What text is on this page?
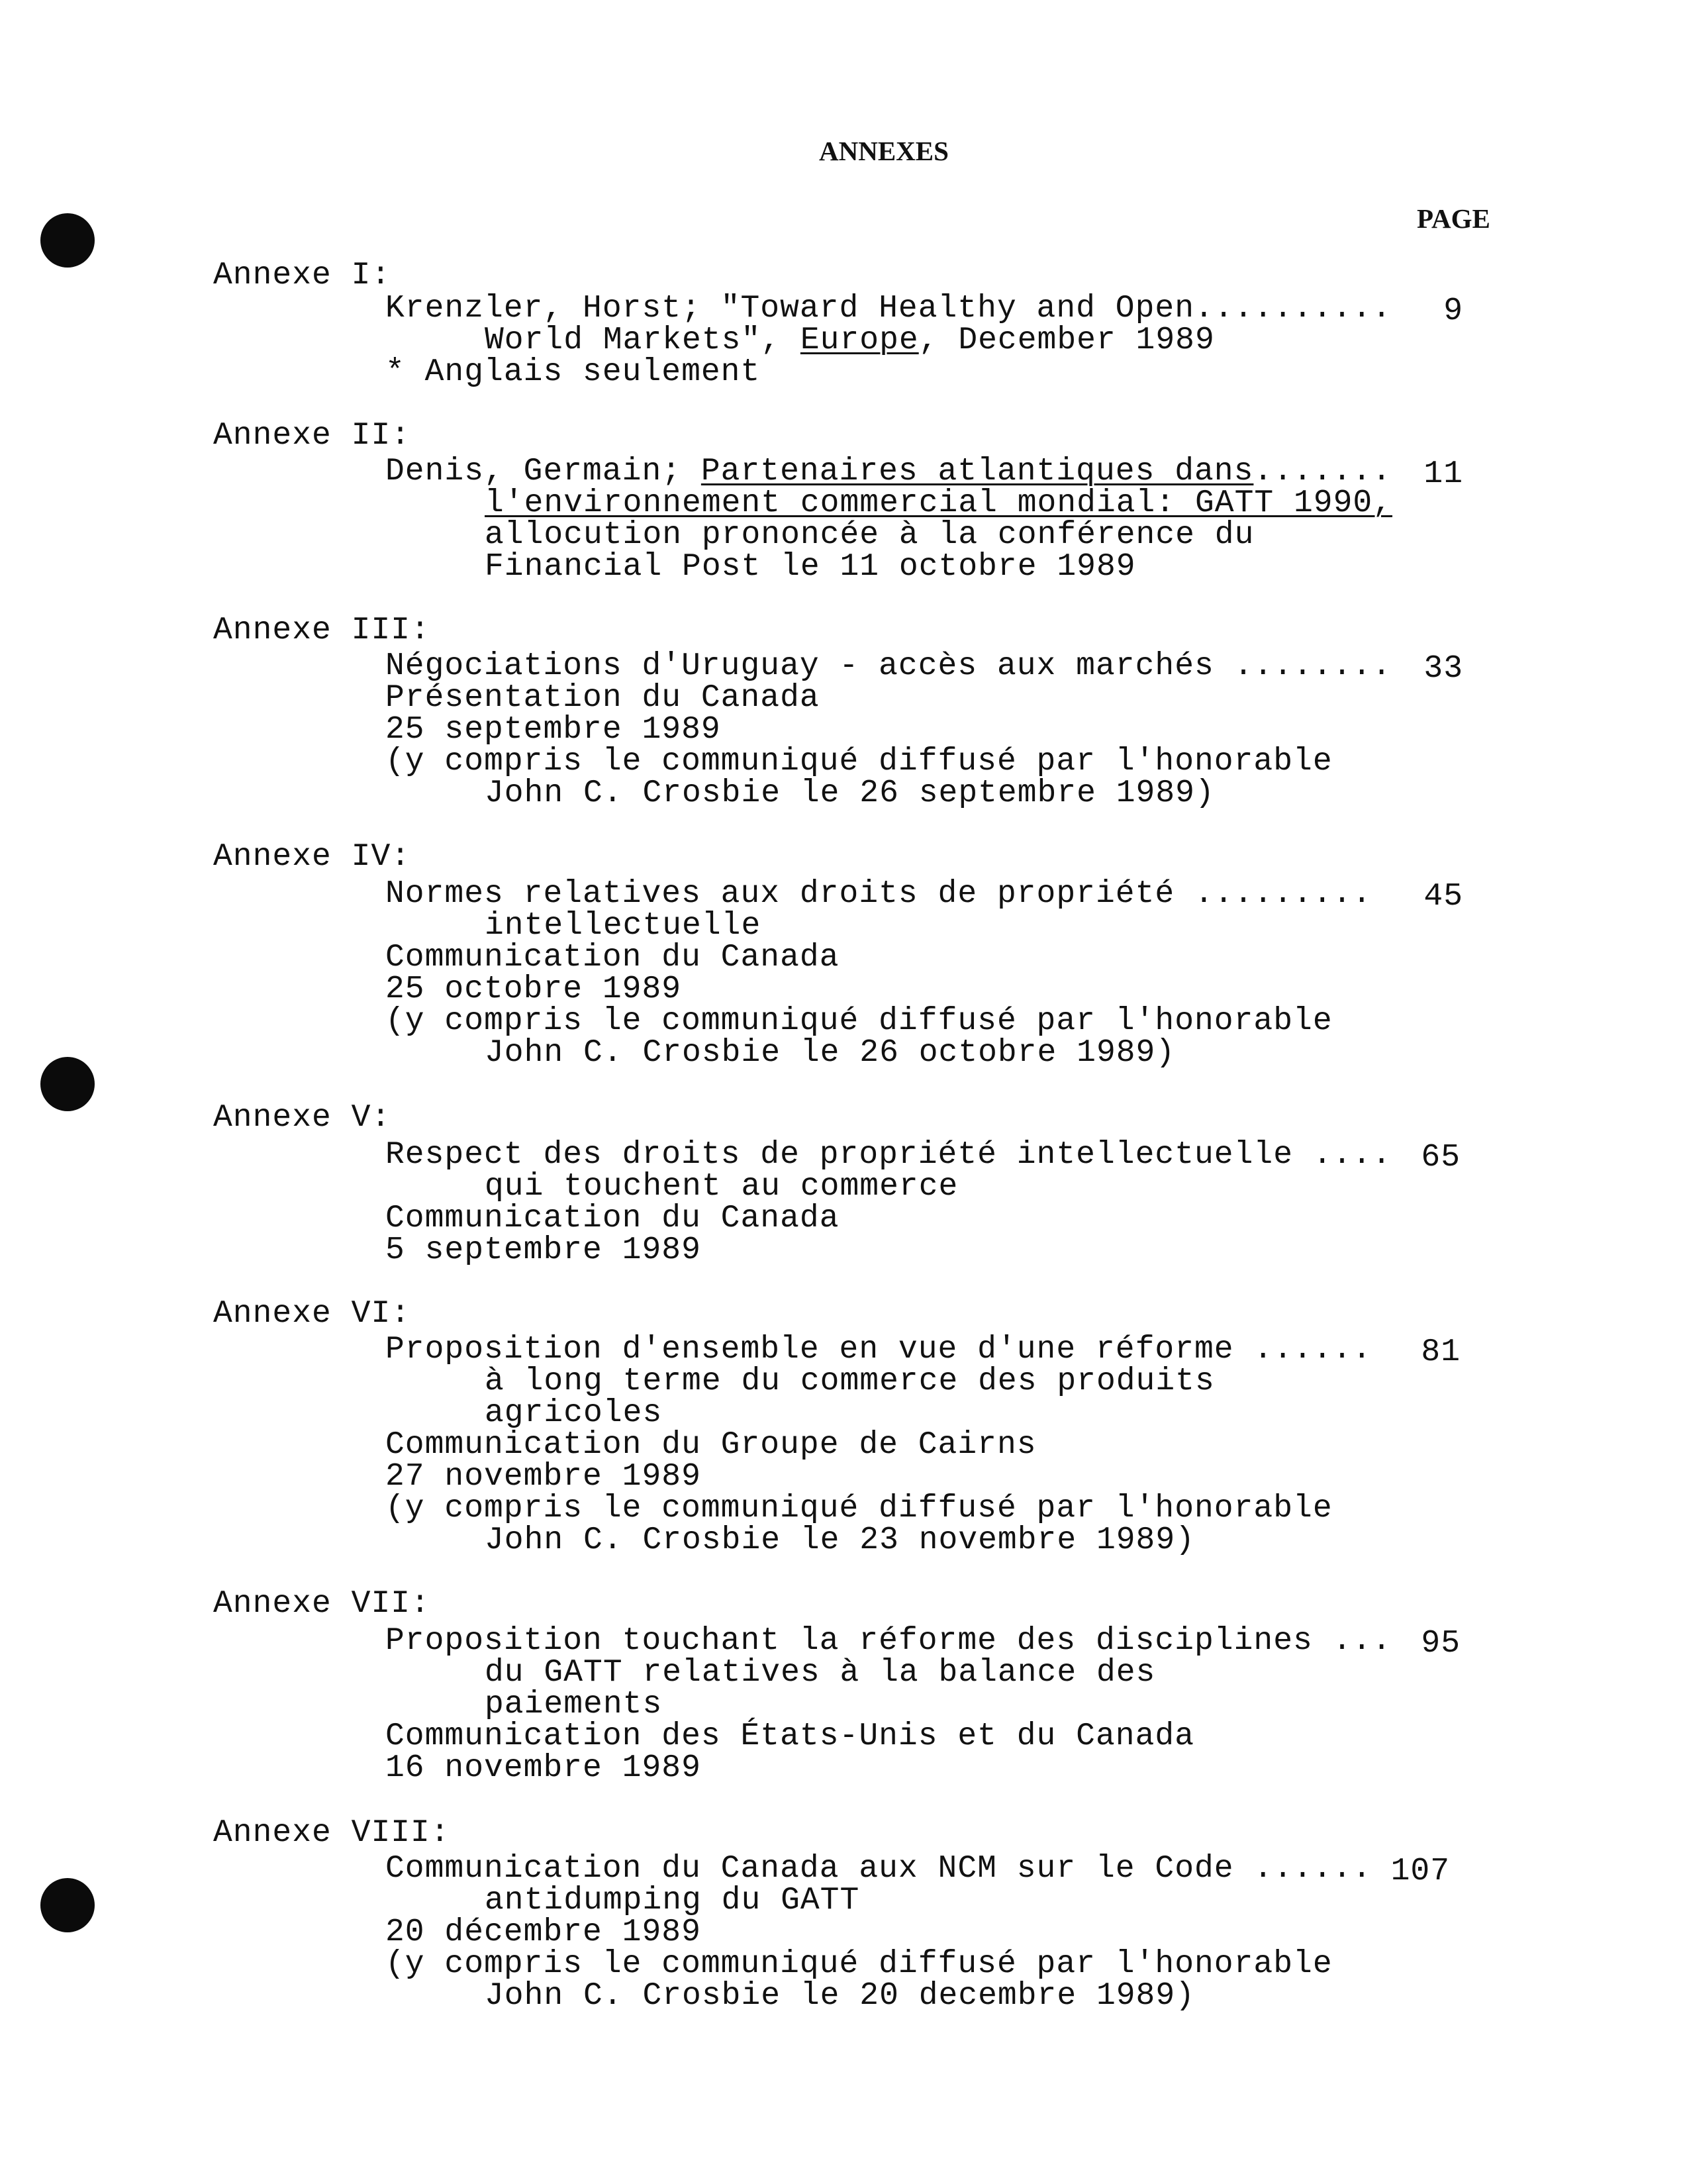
ANNEXES
PAGE
Annexe I:
Krenzler, Horst; "Toward Healthy and Open..........
World Markets", Europe, December 1989
* Anglais seulement
9
Annexe II:
Denis, Germain; Partenaires atlantiques dans.......
l'environnement commercial mondial: GATT 1990,
allocution prononcée à la conférence du
Financial Post le 11 octobre 1989
11
Annexe III:
Négociations d'Uruguay - accès aux marchés ........
Présentation du Canada
25 septembre 1989
(y compris le communiqué diffusé par l'honorable
John C. Crosbie le 26 septembre 1989)
33
Annexe IV:
Normes relatives aux droits de propriété .........
intellectuelle
Communication du Canada
25 octobre 1989
(y compris le communiqué diffusé par l'honorable
John C. Crosbie le 26 octobre 1989)
45
Annexe V:
Respect des droits de propriété intellectuelle ....
qui touchent au commerce
Communication du Canada
5 septembre 1989
65
Annexe VI:
Proposition d'ensemble en vue d'une réforme ......
à long terme du commerce des produits
agricoles
Communication du Groupe de Cairns
27 novembre 1989
(y compris le communiqué diffusé par l'honorable
John C. Crosbie le 23 novembre 1989)
81
Annexe VII:
Proposition touchant la réforme des disciplines ...
du GATT relatives à la balance des
paiements
Communication des États-Unis et du Canada
16 novembre 1989
95
Annexe VIII:
Communication du Canada aux NCM sur le Code ......
antidumping du GATT
20 décembre 1989
(y compris le communiqué diffusé par l'honorable
John C. Crosbie le 20 decembre 1989)
107
